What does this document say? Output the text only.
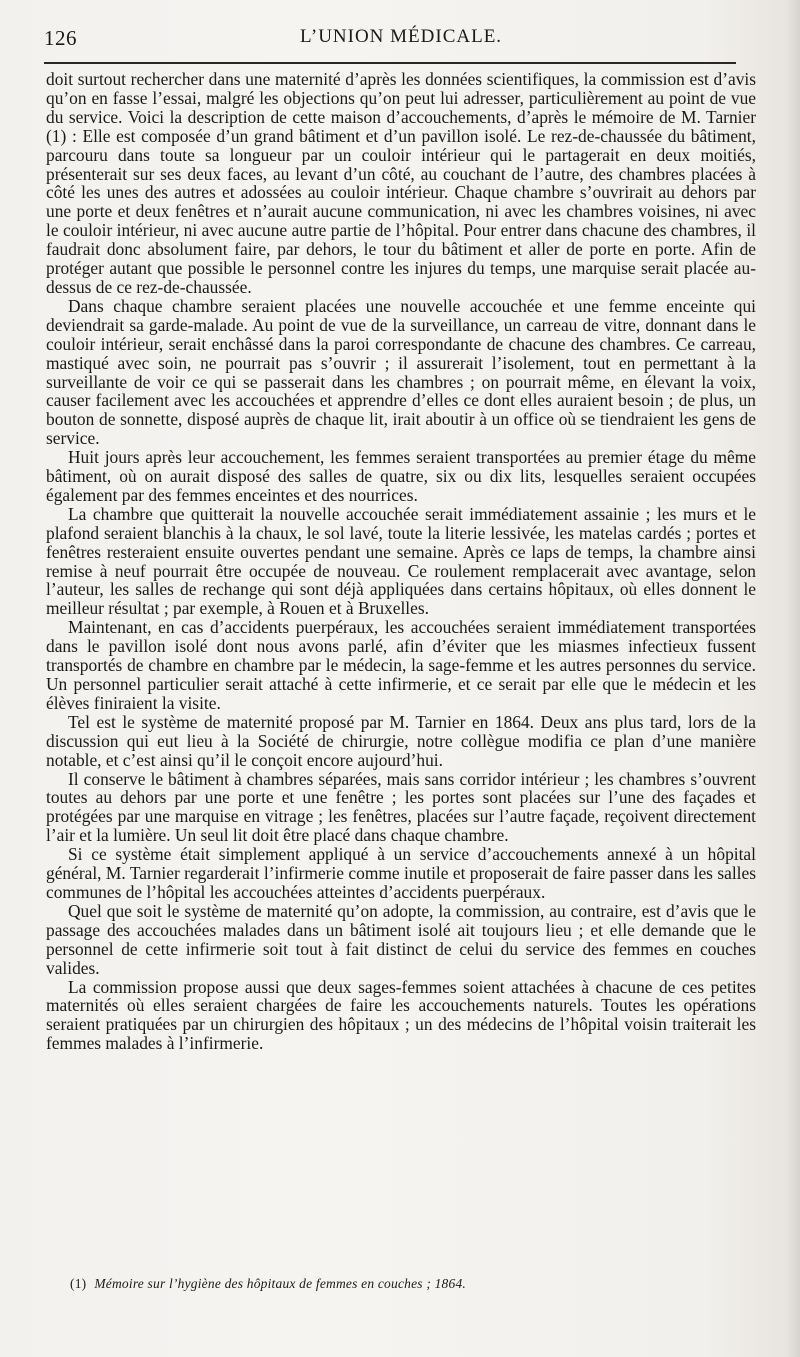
126	L’UNION MÉDICALE.

doit surtout rechercher dans une maternité d’après les données scientifiques, la commission est d’avis qu’on en fasse l’essai, malgré les objections qu’on peut lui adresser, particulièrement au point de vue du service. Voici la description de cette maison d’accouchements, d’après le mémoire de M. Tarnier (1) : Elle est composée d’un grand bâtiment et d’un pavillon isolé. Le rez-de-chaussée du bâtiment, parcouru dans toute sa longueur par un couloir intérieur qui le partagerait en deux moitiés, présenterait sur ses deux faces, au levant d’un côté, au couchant de l’autre, des chambres placées à côté les unes des autres et adossées au couloir intérieur. Chaque chambre s’ouvrirait au dehors par une porte et deux fenêtres et n’aurait aucune communication, ni avec les chambres voisines, ni avec le couloir intérieur, ni avec aucune autre partie de l’hôpital. Pour entrer dans chacune des chambres, il faudrait donc absolument faire, par dehors, le tour du bâtiment et aller de porte en porte. Afin de protéger autant que possible le personnel contre les injures du temps, une marquise serait placée au-dessus de ce rez-de-chaussée.

Dans chaque chambre seraient placées une nouvelle accouchée et une femme enceinte qui deviendrait sa garde-malade. Au point de vue de la surveillance, un carreau de vitre, donnant dans le couloir intérieur, serait enchâssé dans la paroi correspondante de chacune des chambres. Ce carreau, mastiqué avec soin, ne pourrait pas s’ouvrir ; il assurerait l’isolement, tout en permettant à la surveillante de voir ce qui se passerait dans les chambres ; on pourrait même, en élevant la voix, causer facilement avec les accouchées et apprendre d’elles ce dont elles auraient besoin ; de plus, un bouton de sonnette, disposé auprès de chaque lit, irait aboutir à un office où se tiendraient les gens de service.

Huit jours après leur accouchement, les femmes seraient transportées au premier étage du même bâtiment, où on aurait disposé des salles de quatre, six ou dix lits, lesquelles seraient occupées également par des femmes enceintes et des nourrices.

La chambre que quitterait la nouvelle accouchée serait immédiatement assainie ; les murs et le plafond seraient blanchis à la chaux, le sol lavé, toute la literie lessivée, les matelas cardés ; portes et fenêtres resteraient ensuite ouvertes pendant une semaine. Après ce laps de temps, la chambre ainsi remise à neuf pourrait être occupée de nouveau. Ce roulement remplacerait avec avantage, selon l’auteur, les salles de rechange qui sont déjà appliquées dans certains hôpitaux, où elles donnent le meilleur résultat ; par exemple, à Rouen et à Bruxelles.

Maintenant, en cas d’accidents puerpéraux, les accouchées seraient immédiatement transportées dans le pavillon isolé dont nous avons parlé, afin d’éviter que les miasmes infectieux fussent transportés de chambre en chambre par le médecin, la sage-femme et les autres personnes du service. Un personnel particulier serait attaché à cette infirmerie, et ce serait par elle que le médecin et les élèves finiraient la visite.

Tel est le système de maternité proposé par M. Tarnier en 1864. Deux ans plus tard, lors de la discussion qui eut lieu à la Société de chirurgie, notre collègue modifia ce plan d’une manière notable, et c’est ainsi qu’il le conçoit encore aujourd’hui.

Il conserve le bâtiment à chambres séparées, mais sans corridor intérieur ; les chambres s’ouvrent toutes au dehors par une porte et une fenêtre ; les portes sont placées sur l’une des façades et protégées par une marquise en vitrage ; les fenêtres, placées sur l’autre façade, reçoivent directement l’air et la lumière. Un seul lit doit être placé dans chaque chambre.

Si ce système était simplement appliqué à un service d’accouchements annexé à un hôpital général, M. Tarnier regarderait l’infirmerie comme inutile et proposerait de faire passer dans les salles communes de l’hôpital les accouchées atteintes d’accidents puerpéraux.

Quel que soit le système de maternité qu’on adopte, la commission, au contraire, est d’avis que le passage des accouchées malades dans un bâtiment isolé ait toujours lieu ; et elle demande que le personnel de cette infirmerie soit tout à fait distinct de celui du service des femmes en couches valides.

La commission propose aussi que deux sages-femmes soient attachées à chacune de ces petites maternités où elles seraient chargées de faire les accouchements naturels. Toutes les opérations seraient pratiquées par un chirurgien des hôpitaux ; un des médecins de l’hôpital voisin traiterait les femmes malades à l’infirmerie.

(1) Mémoire sur l’hygiène des hôpitaux de femmes en couches ; 1864.
